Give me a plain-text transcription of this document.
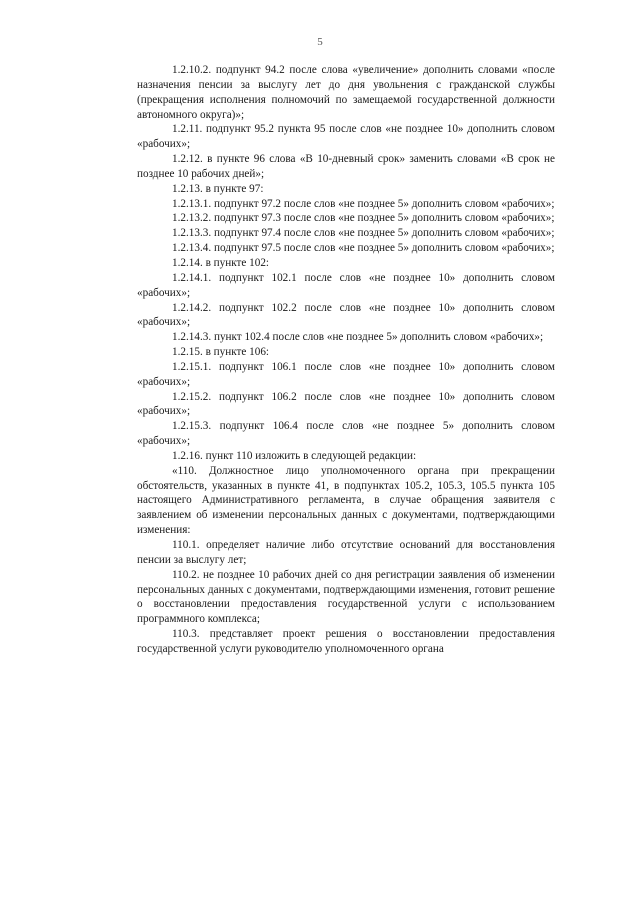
5

1.2.10.2. подпункт 94.2 после слова «увеличение» дополнить словами «после назначения пенсии за выслугу лет до дня увольнения с гражданской службы (прекращения исполнения полномочий по замещаемой государственной должности автономного округа)»;

1.2.11. подпункт 95.2 пункта 95 после слов «не позднее 10» дополнить словом «рабочих»;

1.2.12. в пункте 96 слова «В 10-дневный срок» заменить словами «В срок не позднее 10 рабочих дней»;

1.2.13. в пункте 97:

1.2.13.1. подпункт 97.2 после слов «не позднее 5» дополнить словом «рабочих»;

1.2.13.2. подпункт 97.3 после слов «не позднее 5» дополнить словом «рабочих»;

1.2.13.3. подпункт 97.4 после слов «не позднее 5» дополнить словом «рабочих»;

1.2.13.4. подпункт 97.5 после слов «не позднее 5» дополнить словом «рабочих»;

1.2.14. в пункте 102:

1.2.14.1. подпункт 102.1 после слов «не позднее 10» дополнить словом «рабочих»;

1.2.14.2. подпункт 102.2 после слов «не позднее 10» дополнить словом «рабочих»;

1.2.14.3. пункт 102.4 после слов «не позднее 5» дополнить словом «рабочих»;

1.2.15. в пункте 106:

1.2.15.1. подпункт 106.1 после слов «не позднее 10» дополнить словом «рабочих»;

1.2.15.2. подпункт 106.2 после слов «не позднее 10» дополнить словом «рабочих»;

1.2.15.3. подпункт 106.4 после слов «не позднее 5» дополнить словом «рабочих»;

1.2.16. пункт 110 изложить в следующей редакции:

«110. Должностное лицо уполномоченного органа при прекращении обстоятельств, указанных в пункте 41, в подпунктах 105.2, 105.3, 105.5 пункта 105 настоящего Административного регламента, в случае обращения заявителя с заявлением об изменении персональных данных с документами, подтверждающими изменения:

110.1. определяет наличие либо отсутствие оснований для восстановления пенсии за выслугу лет;

110.2. не позднее 10 рабочих дней со дня регистрации заявления об изменении персональных данных с документами, подтверждающими изменения, готовит решение о восстановлении предоставления государственной услуги с использованием программного комплекса;

110.3. представляет проект решения о восстановлении предоставления государственной услуги руководителю уполномоченного органа
